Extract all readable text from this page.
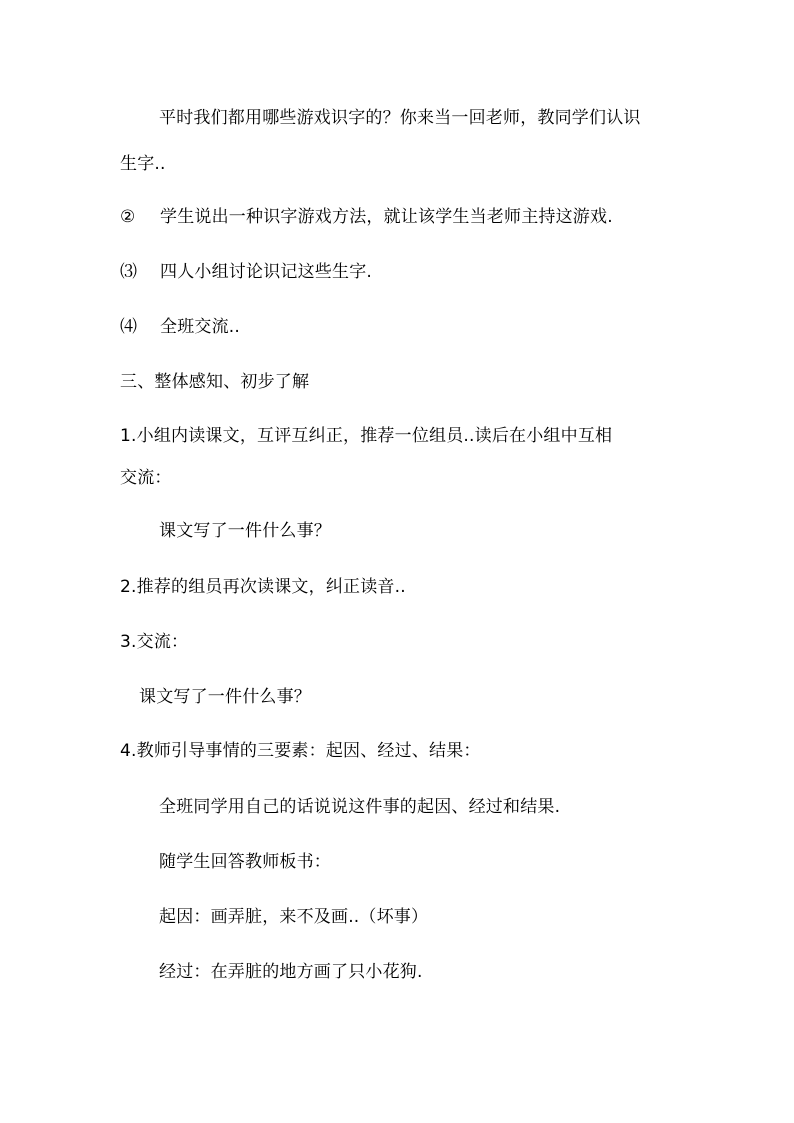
平时我们都用哪些游戏识字的？你来当一回老师，教同学们认识
生字..
② 学生说出一种识字游戏方法，就让该学生当老师主持这游戏.
⑶ 四人小组讨论识记这些生字.
⑷ 全班交流..
三、整体感知、初步了解
1.小组内读课文，互评互纠正，推荐一位组员..读后在小组中互相
交流：
课文写了一件什么事？
2.推荐的组员再次读课文，纠正读音..
3.交流：
课文写了一件什么事？
4.教师引导事情的三要素：起因、经过、结果：
全班同学用自己的话说说这件事的起因、经过和结果.
随学生回答教师板书：
起因：画弄脏，来不及画..（坏事）
经过：在弄脏的地方画了只小花狗.
